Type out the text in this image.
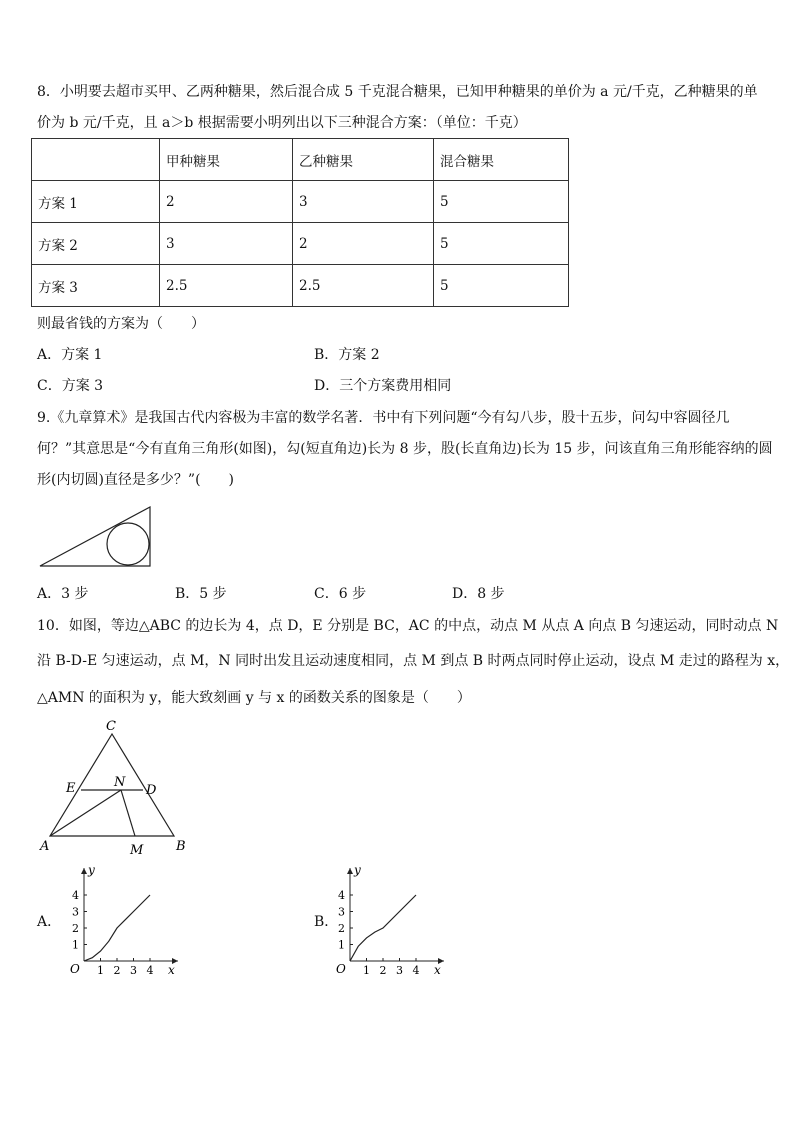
8．小明要去超市买甲、乙两种糖果，然后混合成 5 千克混合糖果，已知甲种糖果的单价为 a 元/千克，乙种糖果的单
价为 b 元/千克，且 a＞b 根据需要小明列出以下三种混合方案：（单位：千克）
	甲种糖果	乙种糖果	混合糖果
方案 1	2	3	5
方案 2	3	2	5
方案 3	2.5	2.5	5
则最省钱的方案为（　　）
A．方案 1	B．方案 2
C．方案 3	D．三个方案费用相同
9.《九章算术》是我国古代内容极为丰富的数学名著．书中有下列问题“今有勾八步，股十五步，问勾中容圆径几
何？”其意思是“今有直角三角形(如图)，勾(短直角边)长为 8 步，股(长直角边)长为 15 步，问该直角三角形能容纳的圆
形(内切圆)直径是多少？”(　　)
A．3 步	B．5 步	C．6 步	D．8 步
10．如图，等边△ABC 的边长为 4，点 D，E 分别是 BC，AC 的中点，动点 M 从点 A 向点 B 匀速运动，同时动点 N
沿 B-D-E 匀速运动，点 M，N 同时出发且运动速度相同，点 M 到点 B 时两点同时停止运动，设点 M 走过的路程为 x，
△AMN 的面积为 y，能大致刻画 y 与 x 的函数关系的图象是（　　）
C
E	D
N
A	B
M
A．
y
x
O 1 2 3 4
1
2
3
4
B．
y
x
O 1 2 3 4
1
2
3
4
